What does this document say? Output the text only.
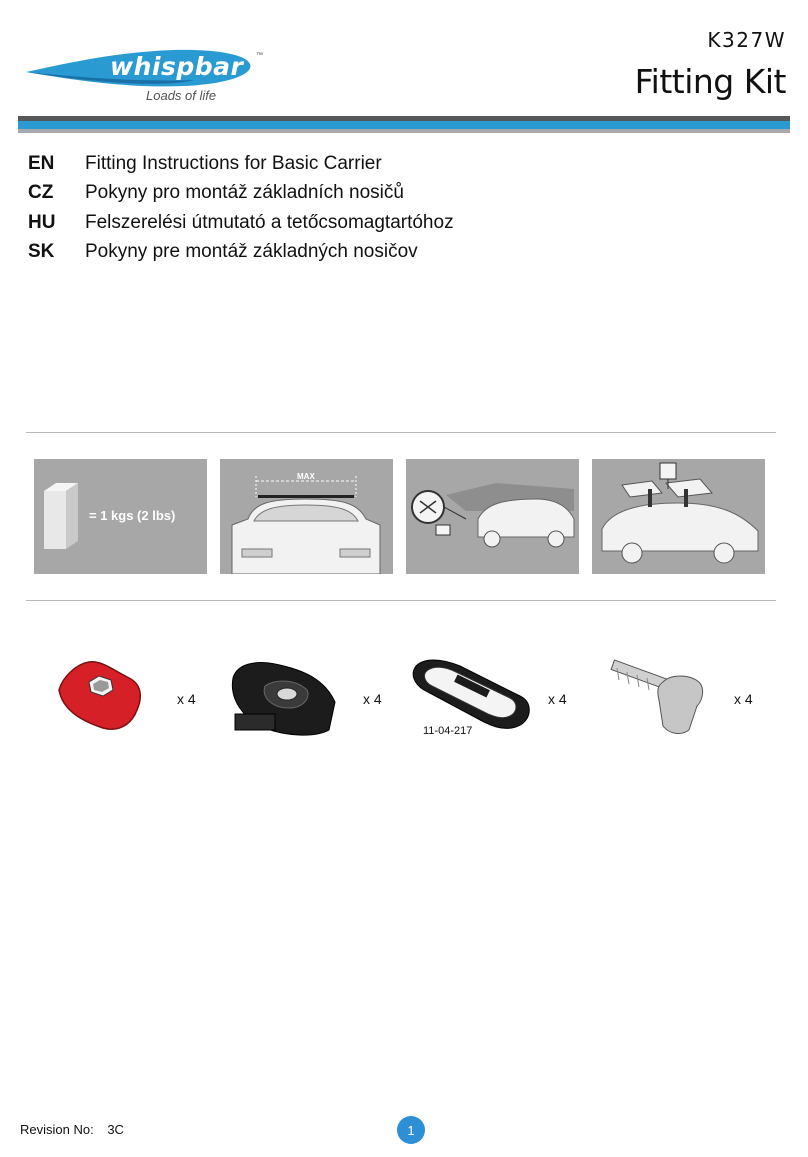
whispbar ™
Loads of life
K327W
Fitting Kit
EN	Fitting Instructions for Basic Carrier
CZ	Pokyny pro montáž základních nosičů
HU	Felszerelési útmutató a tetőcsomagtartóhoz
SK	Pokyny pre montáž základných nosičov
= 1 kgs (2 lbs)
MAX
x 4	x 4
11-04-217
x 4	x 4
Revision No: 3C	1
